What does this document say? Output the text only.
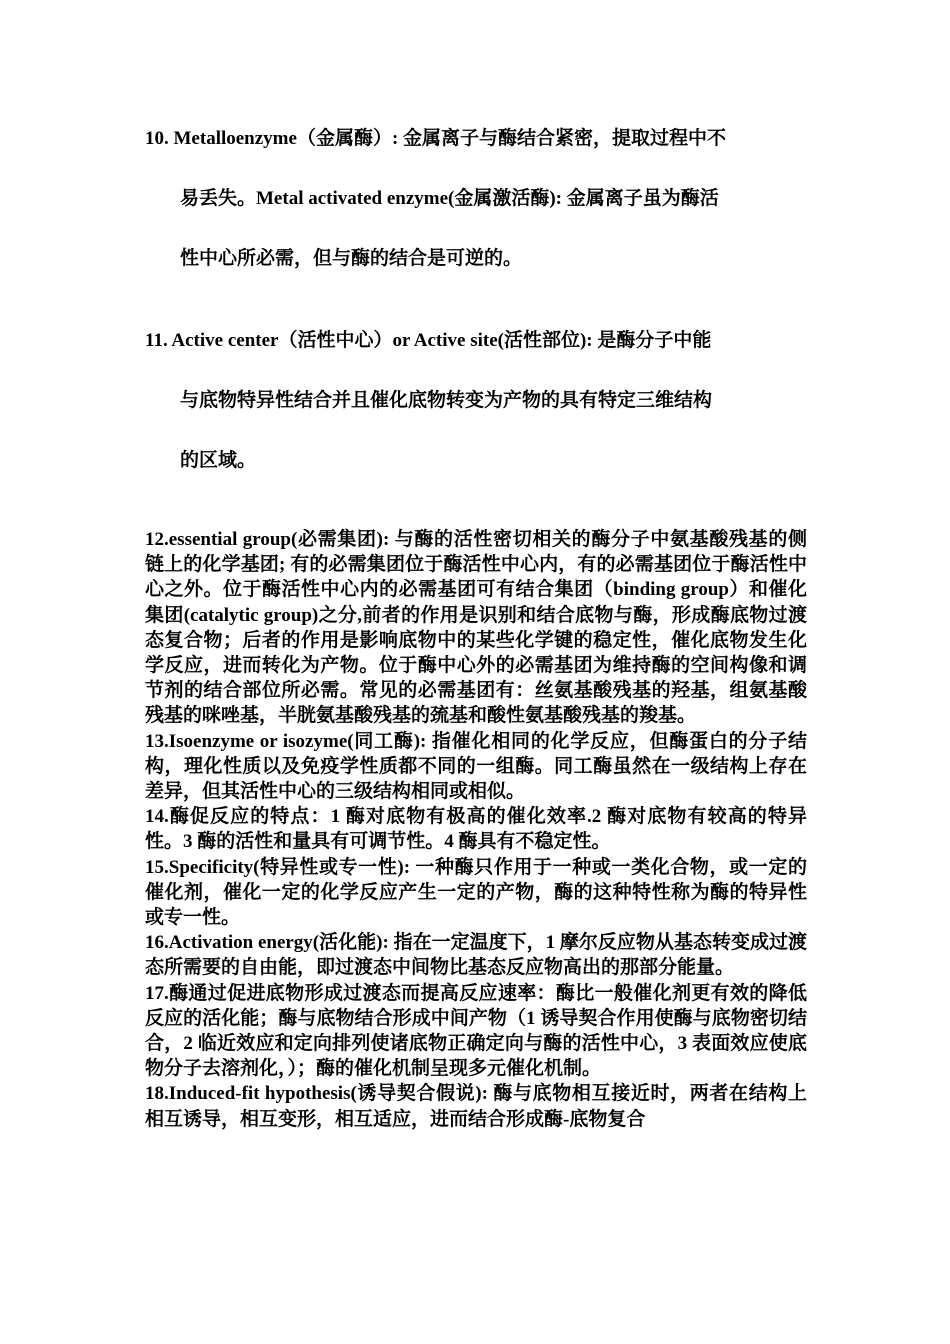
10. Metalloenzyme（金属酶）: 金属离子与酶结合紧密，提取过程中不
易丢失。Metal activated enzyme(金属激活酶): 金属离子虽为酶活
性中心所必需，但与酶的结合是可逆的。
11. Active center（活性中心）or Active site(活性部位): 是酶分子中能
与底物特异性结合并且催化底物转变为产物的具有特定三维结构
的区域。

12.essential group(必需集团): 与酶的活性密切相关的酶分子中氨基酸残基的侧链上的化学基团; 有的必需集团位于酶活性中心内，有的必需基团位于酶活性中心之外。位于酶活性中心内的必需基团可有结合集团（binding group）和催化集团(catalytic group)之分,前者的作用是识别和结合底物与酶，形成酶底物过渡态复合物；后者的作用是影响底物中的某些化学键的稳定性，催化底物发生化学反应，进而转化为产物。位于酶中心外的必需基团为维持酶的空间构像和调节剂的结合部位所必需。常见的必需基团有：丝氨基酸残基的羟基，组氨基酸残基的咪唑基，半胱氨基酸残基的巯基和酸性氨基酸残基的羧基。

13.Isoenzyme or isozyme(同工酶): 指催化相同的化学反应，但酶蛋白的分子结构，理化性质以及免疫学性质都不同的一组酶。同工酶虽然在一级结构上存在差异，但其活性中心的三级结构相同或相似。

14.酶促反应的特点：1 酶对底物有极高的催化效率.2 酶对底物有较高的特异性。3 酶的活性和量具有可调节性。4 酶具有不稳定性。

15.Specificity(特异性或专一性): 一种酶只作用于一种或一类化合物，或一定的催化剂，催化一定的化学反应产生一定的产物，酶的这种特性称为酶的特异性或专一性。

16.Activation energy(活化能): 指在一定温度下，1 摩尔反应物从基态转变成过渡态所需要的自由能，即过渡态中间物比基态反应物高出的那部分能量。

17.酶通过促进底物形成过渡态而提高反应速率：酶比一般催化剂更有效的降低反应的活化能；酶与底物结合形成中间产物（1 诱导契合作用使酶与底物密切结合，2 临近效应和定向排列使诸底物正确定向与酶的活性中心，3 表面效应使底物分子去溶剂化，）；酶的催化机制呈现多元催化机制。

18.Induced-fit hypothesis(诱导契合假说): 酶与底物相互接近时，两者在结构上相互诱导，相互变形，相互适应，进而结合形成酶-底物复合
